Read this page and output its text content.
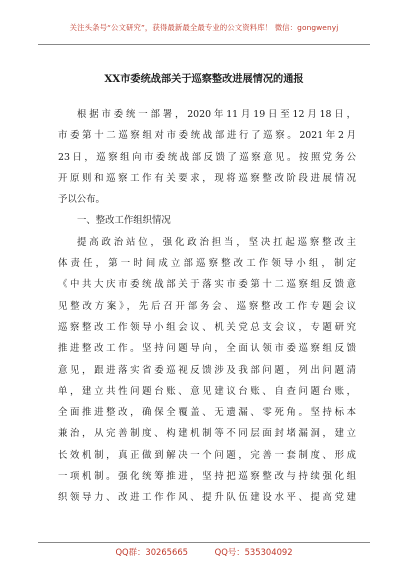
关注头条号“公文研究”，获得最新最全最专业的公文资料库！ 微信：gongwenyj
XX市委统战部关于巡察整改进展情况的通报
根据市委统一部署，2020年11月19日至12月18日，
市委第十二巡察组对市委统战部进行了巡察。2021年2月
23日，巡察组向市委统战部反馈了巡察意见。按照党务公
开原则和巡察工作有关要求，现将巡察整改阶段进展情况
予以公布。
一、整改工作组织情况
提高政治站位，强化政治担当，坚决扛起巡察整改主
体责任，第一时间成立部巡察整改工作领导小组，制定
《中共大庆市委统战部关于落实市委第十二巡察组反馈意
见整改方案》，先后召开部务会、巡察整改工作专题会议
巡察整改工作领导小组会议、机关党总支会议，专题研究
推进整改工作。坚持问题导向，全面认领市委巡察组反馈
意见，跟进落实省委巡视反馈涉及我部问题，列出问题清
单，建立共性问题台账、意见建议台账、自查问题台账，
全面推进整改，确保全覆盖、无遗漏、零死角。坚持标本
兼治，从完善制度、构建机制等不同层面封堵漏洞，建立
长效机制，真正做到解决一个问题，完善一套制度、形成
一项机制。强化统筹推进，坚持把巡察整改与持续强化组
织领导力、改进工作作风、提升队伍建设水平、提高党建
QQ群：30265665	QQ号：535304092
